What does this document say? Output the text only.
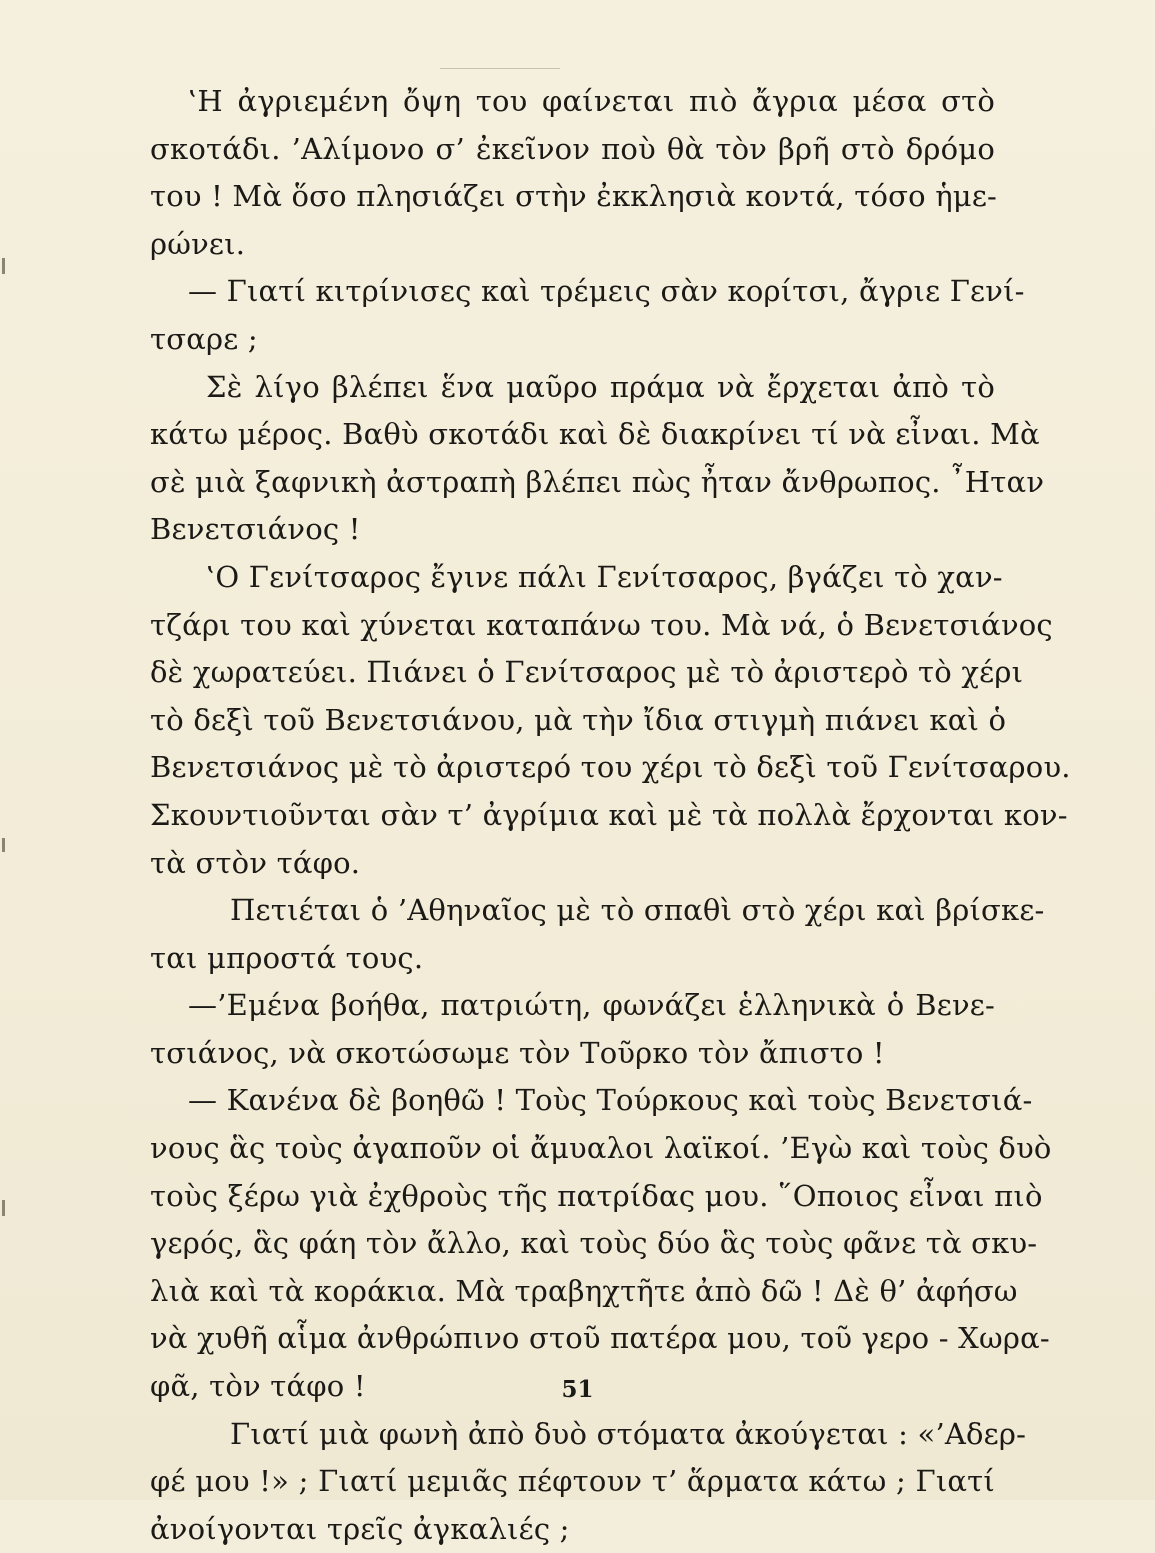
‛Η ἀγριεμένη ὄψη του φαίνεται πιὸ ἄγρια μέσα στὸ
σκοτάδι. ’Αλίμονο σ’ ἐκεῖνον ποὺ θὰ τὸν βρῆ στὸ δρόμο
του ! Μὰ ὅσο πλησιάζει στὴν ἐκκλησιὰ κοντά, τόσο ἡμε-
ρώνει.
— Γιατί κιτρίνισες καὶ τρέμεις σὰν κορίτσι, ἄγριε Γενί-
τσαρε ;
Σὲ λίγο βλέπει ἕνα μαῦρο πράμα νὰ ἔρχεται ἀπὸ τὸ
κάτω μέρος. Βαθὺ σκοτάδι καὶ δὲ διακρίνει τί νὰ εἶναι. Μὰ
σὲ μιὰ ξαφνικὴ ἀστραπὴ βλέπει πὼς ἦταν ἄνθρωπος. ῏Ηταν
Βενετσιάνος !
‛Ο Γενίτσαρος ἔγινε πάλι Γενίτσαρος, βγάζει τὸ χαν-
τζάρι του καὶ χύνεται καταπάνω του. Μὰ νά, ὁ Βενετσιάνος
δὲ χωρατεύει. Πιάνει ὁ Γενίτσαρος μὲ τὸ ἀριστερὸ τὸ χέρι
τὸ δεξὶ τοῦ Βενετσιάνου, μὰ τὴν ἴδια στιγμὴ πιάνει καὶ ὁ
Βενετσιάνος μὲ τὸ ἀριστερό του χέρι τὸ δεξὶ τοῦ Γενίτσαρου.
Σκουντιοῦνται σὰν τ’ ἀγρίμια καὶ μὲ τὰ πολλὰ ἔρχονται κον-
τὰ στὸν τάφο.
Πετιέται ὁ ’Αθηναῖος μὲ τὸ σπαθὶ στὸ χέρι καὶ βρίσκε-
ται μπροστά τους.
—’Εμένα βοήθα, πατριώτη, φωνάζει ἑλληνικὰ ὁ Βενε-
τσιάνος, νὰ σκοτώσωμε τὸν Τοῦρκο τὸν ἄπιστο !
— Κανένα δὲ βοηθῶ ! Τοὺς Τούρκους καὶ τοὺς Βενετσιά-
νους ἃς τοὺς ἀγαποῦν οἱ ἄμυαλοι λαϊκοί. ’Εγὼ καὶ τοὺς δυὸ
τοὺς ξέρω γιὰ ἐχθροὺς τῆς πατρίδας μου. ῞Οποιος εἶναι πιὸ
γερός, ἃς φάη τὸν ἄλλο, καὶ τοὺς δύο ἃς τοὺς φᾶνε τὰ σκυ-
λιὰ καὶ τὰ κοράκια. Μὰ τραβηχτῆτε ἀπὸ δῶ ! Δὲ θ’ ἀφήσω
νὰ χυθῆ αἷμα ἀνθρώπινο στοῦ πατέρα μου, τοῦ γερο - Χωρα-
φᾶ, τὸν τάφο !
Γιατί μιὰ φωνὴ ἀπὸ δυὸ στόματα ἀκούγεται : «’Αδερ-
φέ μου !» ; Γιατί μεμιᾶς πέφτουν τ’ ἅρματα κάτω ; Γιατί
ἀνοίγονται τρεῖς ἀγκαλιές ;
51
